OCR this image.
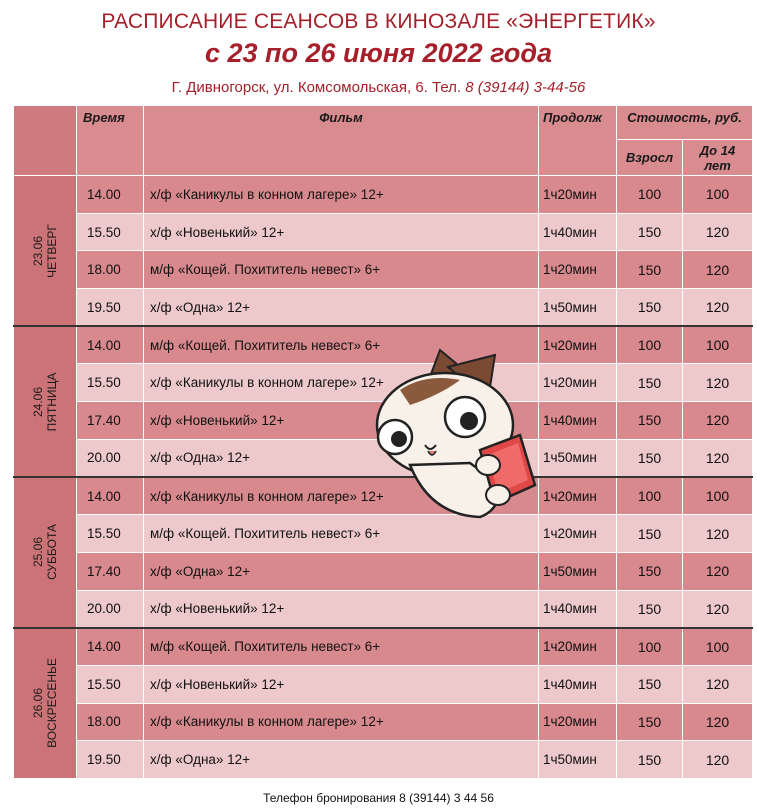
РАСПИСАНИЕ СЕАНСОВ В КИНОЗАЛЕ «ЭНЕРГЕТИК»
с 23 по 26 июня 2022 года
Г. Дивногорск, ул. Комсомольская, 6. Тел. 8 (39144) 3-44-56
	Время	Фильм	Продолж	Стоимость, руб.	
				Взросл	До 14
лет

23.06 ЧЕТВЕРГ	14.00	х/ф «Каникулы в конном лагере» 12+	1ч20мин	100	100
	15.50	х/ф «Новенький» 12+	1ч40мин	150	120
	18.00	м/ф «Кощей. Похититель невест» 6+	1ч20мин	150	120
	19.50	х/ф «Одна» 12+	1ч50мин	150	120

24.06 ПЯТНИЦА	14.00	м/ф «Кощей. Похититель невест» 6+	1ч20мин	100	100
	15.50	х/ф «Каникулы в конном лагере» 12+	1ч20мин	150	120
	17.40	х/ф «Новенький» 12+	1ч40мин	150	120
	20.00	х/ф «Одна» 12+	1ч50мин	150	120

25.06 СУББОТА	14.00	х/ф «Каникулы в конном лагере» 12+	1ч20мин	100	100
	15.50	м/ф «Кощей. Похититель невест» 6+	1ч20мин	150	120
	17.40	х/ф «Одна» 12+	1ч50мин	150	120
	20.00	х/ф «Новенький» 12+	1ч40мин	150	120

26.06 ВОСКРЕСЕНЬЕ	14.00	м/ф «Кощей. Похититель невест» 6+	1ч20мин	100	100
	15.50	х/ф «Новенький» 12+	1ч40мин	150	120
	18.00	х/ф «Каникулы в конном лагере» 12+	1ч20мин	150	120
	19.50	х/ф «Одна» 12+	1ч50мин	150	120
Телефон бронирования 8 (39144) 3 44 56
